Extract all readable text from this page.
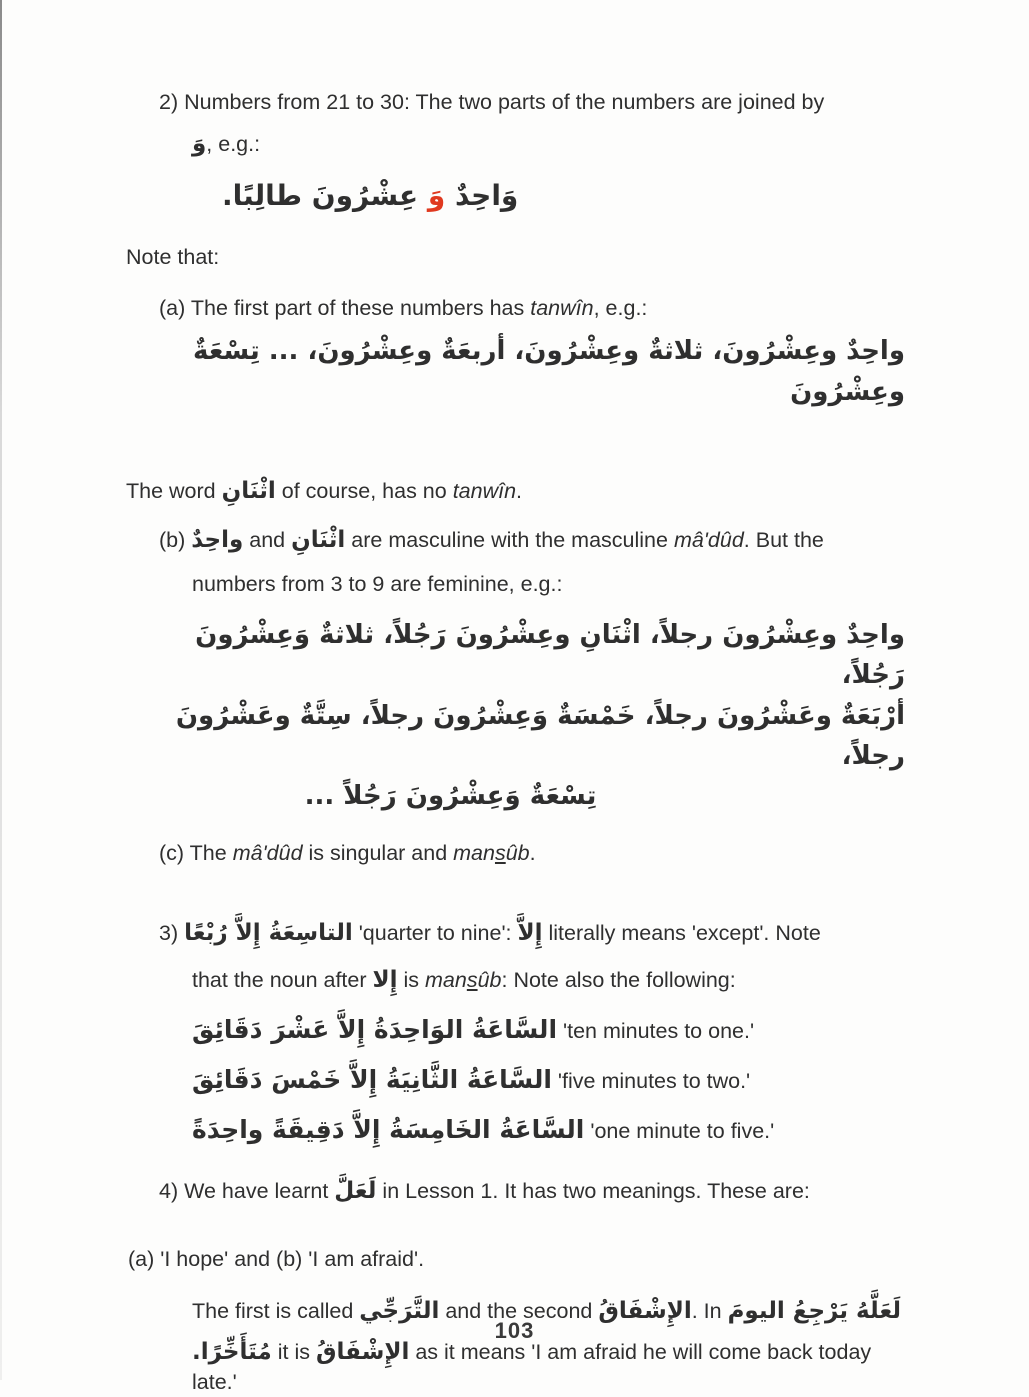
2) Numbers from 21 to 30: The two parts of the numbers are joined by

وَ, e.g.:

وَاحِدٌ وَ عِشْرُونَ طالِبًا.

Note that:

(a) The first part of these numbers has tanwîn, e.g.:

واحِدٌ وعِشْرُونَ، ثلاثةٌ وعِشْرُونَ، أربعَةٌ وعِشْرُونَ، ... تِسْعَةٌ وعِشْرُونَ

The word اثْنَانِ of course, has no tanwîn.

(b) واحِدٌ and اثْنَانِ are masculine with the masculine mâ'dûd. But the

numbers from 3 to 9 are feminine, e.g.:

واحِدٌ وعِشْرُونَ رجلاً، اثْنَانِ وعِشْرُونَ رَجُلاً، ثلاثةٌ وَعِشْرُونَ رَجُلاً،

أرْبَعَةٌ وعَشْرُونَ رجلاً، خَمْسَةٌ وَعِشْرُونَ رجلاً، سِتَّةٌ وعَشْرُونَ رجلاً،

تِسْعَةٌ وَعِشْرُونَ رَجُلاً ...

(c) The mâ'dûd is singular and mansûb.

3) التاسِعَةُ إِلاَّ رُبْعًا 'quarter to nine': إِلاَّ literally means 'except'. Note

that the noun after إِلا is mansûb: Note also the following:

السَّاعَةُ الوَاحِدَةُ إِلاَّ عَشْرَ دَقَائِقَ 'ten minutes to one.'

السَّاعَةُ الثَّانِيَةُ إِلاَّ خَمْسَ دَقَائِقَ 'five minutes to two.'

السَّاعَةُ الخَامِسَةُ إِلاَّ دَقِيقَةً واحِدَةً 'one minute to five.'

4) We have learnt لَعَلَّ in Lesson 1. It has two meanings. These are:

(a) 'I hope' and (b) 'I am afraid'.

The first is called التَّرَجِّي and the second الإِشْفَاقُ. In لَعَلَّهُ يَرْجِعُ اليومَ

مُتَأَخِّرًا. it is الإِشْفَاقُ as it means 'I am afraid he will come back today late.'

103
